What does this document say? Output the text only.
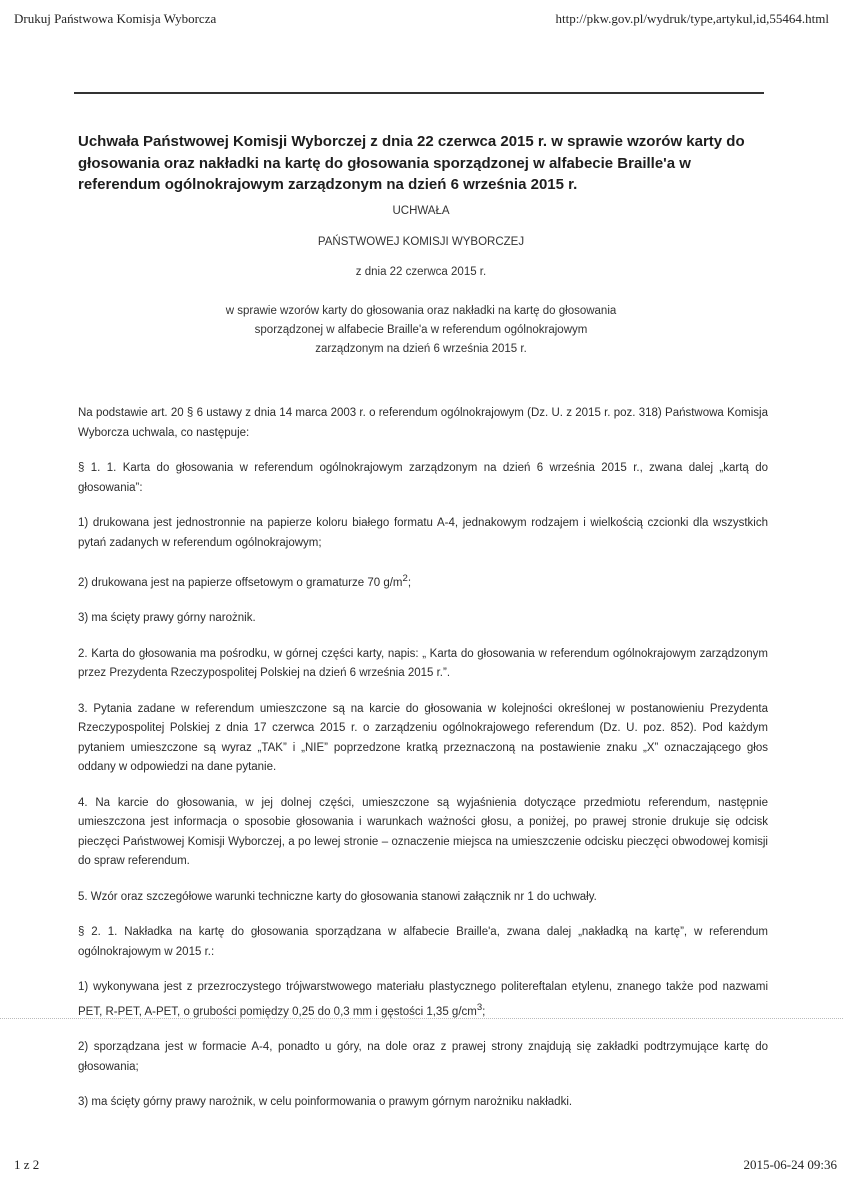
Drukuj Państwowa Komisja Wyborcza	http://pkw.gov.pl/wydruk/type,artykul,id,55464.html
Uchwała Państwowej Komisji Wyborczej z dnia 22 czerwca 2015 r. w sprawie wzorów karty do głosowania oraz nakładki na kartę do głosowania sporządzonej w alfabecie Braille'a w referendum ogólnokrajowym zarządzonym na dzień 6 września 2015 r.
UCHWAŁA
PAŃSTWOWEJ KOMISJI WYBORCZEJ
z dnia 22 czerwca 2015 r.
w sprawie wzorów karty do głosowania oraz nakładki na kartę do głosowania
sporządzonej w alfabecie Braille'a w referendum ogólnokrajowym
zarządzonym na dzień 6 września 2015 r.

Na podstawie art. 20 § 6 ustawy z dnia 14 marca 2003 r. o referendum ogólnokrajowym (Dz. U. z 2015 r. poz. 318) Państwowa Komisja Wyborcza uchwala, co następuje:

§ 1. 1. Karta do głosowania w referendum ogólnokrajowym zarządzonym na dzień 6 września 2015 r., zwana dalej „kartą do głosowania”:

1) drukowana jest jednostronnie na papierze koloru białego formatu A-4, jednakowym rodzajem i wielkością czcionki dla wszystkich pytań zadanych w referendum ogólnokrajowym;

2) drukowana jest na papierze offsetowym o gramaturze 70 $g/m^2$;

3) ma ścięty prawy górny narożnik.

2. Karta do głosowania ma pośrodku, w górnej części karty, napis: „ Karta do głosowania w referendum ogólnokrajowym zarządzonym przez Prezydenta Rzeczypospolitej Polskiej na dzień 6 września 2015 r.”.

3. Pytania zadane w referendum umieszczone są na karcie do głosowania w kolejności określonej w postanowieniu Prezydenta Rzeczypospolitej Polskiej z dnia 17 czerwca 2015 r. o zarządzeniu ogólnokrajowego referendum (Dz. U. poz. 852). Pod każdym pytaniem umieszczone są wyraz „TAK” i „NIE” poprzedzone kratką przeznaczoną na postawienie znaku „X” oznaczającego głos oddany w odpowiedzi na dane pytanie.

4. Na karcie do głosowania, w jej dolnej części, umieszczone są wyjaśnienia dotyczące przedmiotu referendum, następnie umieszczona jest informacja o sposobie głosowania i warunkach ważności głosu, a poniżej, po prawej stronie drukuje się odcisk pieczęci Państwowej Komisji Wyborczej, a po lewej stronie – oznaczenie miejsca na umieszczenie odcisku pieczęci obwodowej komisji do spraw referendum.

5. Wzór oraz szczegółowe warunki techniczne karty do głosowania stanowi załącznik nr 1 do uchwały.

§ 2. 1. Nakładka na kartę do głosowania sporządzana w alfabecie Braille'a, zwana dalej „nakładką na kartę”, w referendum ogólnokrajowym w 2015 r.:

1) wykonywana jest z przezroczystego trójwarstwowego materiału plastycznego politereftalan etylenu, znanego także pod nazwami PET, R-PET, A-PET, o grubości pomiędzy 0,25 do 0,3 mm i gęstości 1,35 $g/cm^3$;

2) sporządzana jest w formacie A-4, ponadto u góry, na dole oraz z prawej strony znajdują się zakładki podtrzymujące kartę do głosowania;

3) ma ścięty górny prawy narożnik, w celu poinformowania o prawym górnym narożniku nakładki.

1 z 2	2015-06-24 09:36
